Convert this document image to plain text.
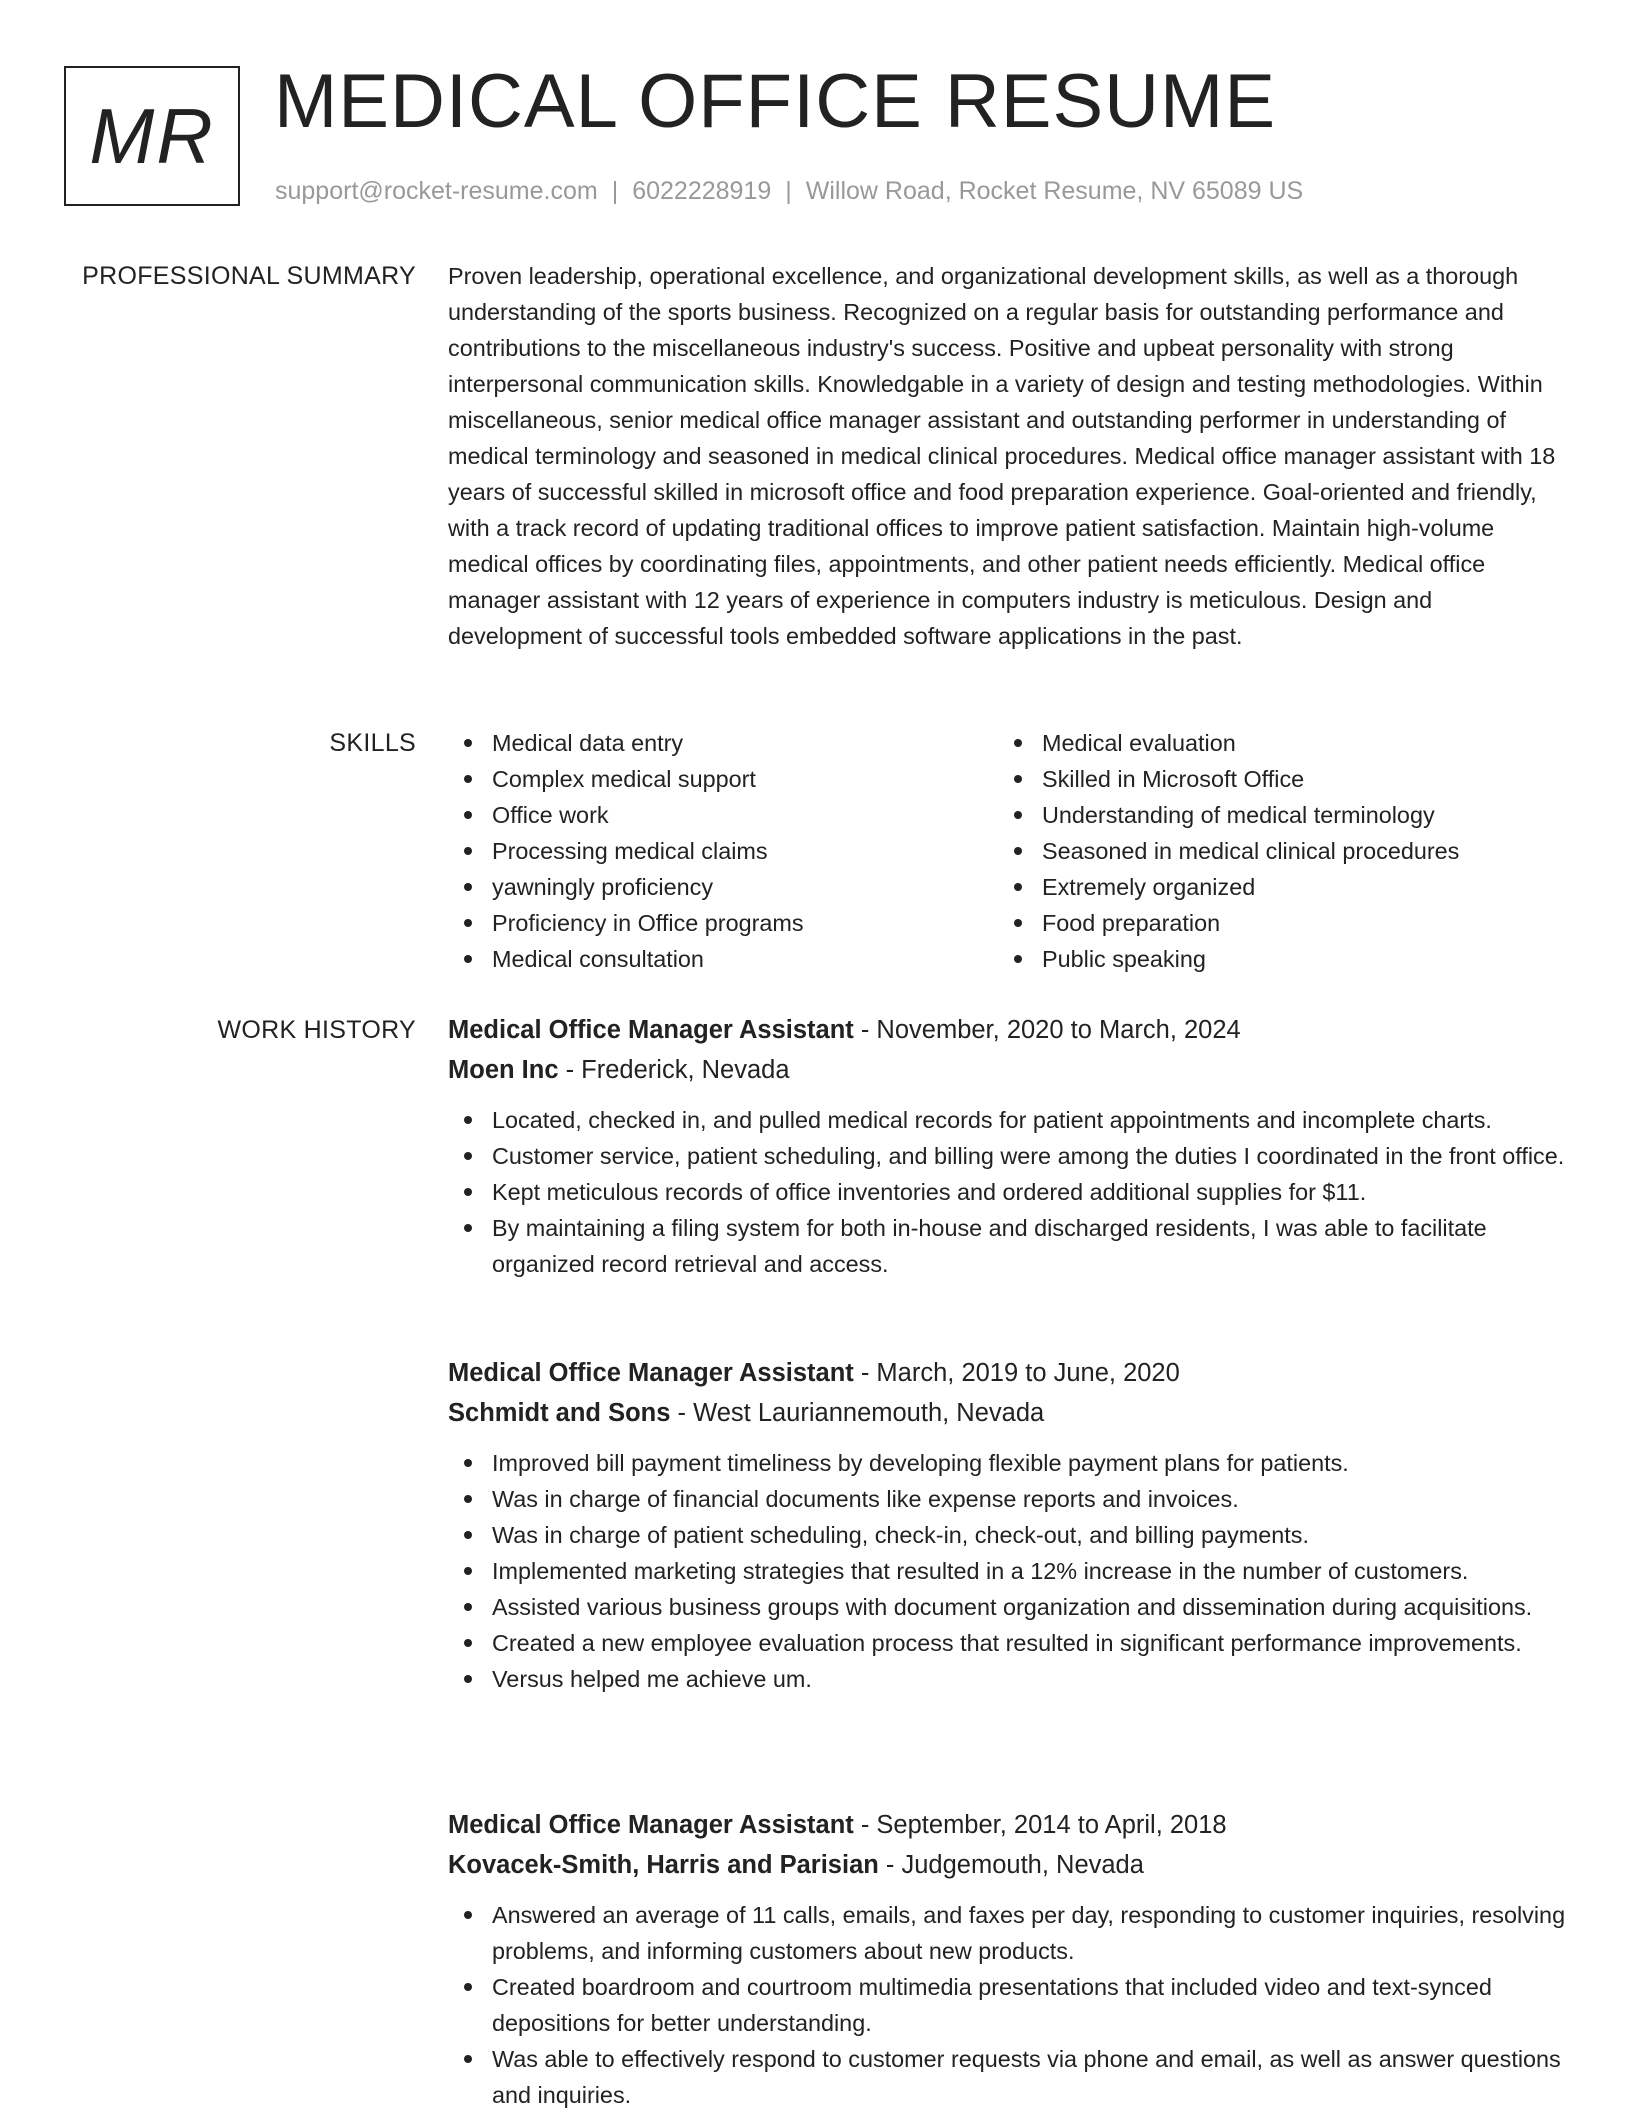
MR MEDICAL OFFICE RESUME
support@rocket-resume.com | 6022228919 | Willow Road, Rocket Resume, NV 65089 US
PROFESSIONAL SUMMARY Proven leadership, operational excellence, and organizational development skills, as well as a thorough understanding of the sports business. Recognized on a regular basis for outstanding performance and contributions to the miscellaneous industry's success. Positive and upbeat personality with strong interpersonal communication skills. Knowledgable in a variety of design and testing methodologies. Within miscellaneous, senior medical office manager assistant and outstanding performer in understanding of medical terminology and seasoned in medical clinical procedures. Medical office manager assistant with 18 years of successful skilled in microsoft office and food preparation experience. Goal-oriented and friendly, with a track record of updating traditional offices to improve patient satisfaction. Maintain high-volume medical offices by coordinating files, appointments, and other patient needs efficiently. Medical office manager assistant with 12 years of experience in computers industry is meticulous. Design and development of successful tools embedded software applications in the past.

SKILLS	Medical data entry
Complex medical support
Office work
Processing medical claims
yawningly proficiency
Proficiency in Office programs
Medical consultation
Medical evaluation
Skilled in Microsoft Office
Understanding of medical terminology
Seasoned in medical clinical procedures
Extremely organized
Food preparation
Public speaking
WORK HISTORY Medical Office Manager Assistant - November, 2020 to March, 2024
Moen Inc - Frederick, Nevada
Located, checked in, and pulled medical records for patient appointments and incomplete charts.
Customer service, patient scheduling, and billing were among the duties I coordinated in the front office.
Kept meticulous records of office inventories and ordered additional supplies for $11.
By maintaining a filing system for both in-house and discharged residents, I was able to facilitate organized record retrieval and access.
Medical Office Manager Assistant - March, 2019 to June, 2020
Schmidt and Sons - West Lauriannemouth, Nevada
Improved bill payment timeliness by developing flexible payment plans for patients.
Was in charge of financial documents like expense reports and invoices.
Was in charge of patient scheduling, check-in, check-out, and billing payments.
Implemented marketing strategies that resulted in a 12% increase in the number of customers.
Assisted various business groups with document organization and dissemination during acquisitions.
Created a new employee evaluation process that resulted in significant performance improvements.
Versus helped me achieve um.
Medical Office Manager Assistant - September, 2014 to April, 2018
Kovacek-Smith, Harris and Parisian - Judgemouth, Nevada
Answered an average of 11 calls, emails, and faxes per day, responding to customer inquiries, resolving problems, and informing customers about new products.
Created boardroom and courtroom multimedia presentations that included video and text-synced depositions for better understanding.
Was able to effectively respond to customer requests via phone and email, as well as answer questions and inquiries.
